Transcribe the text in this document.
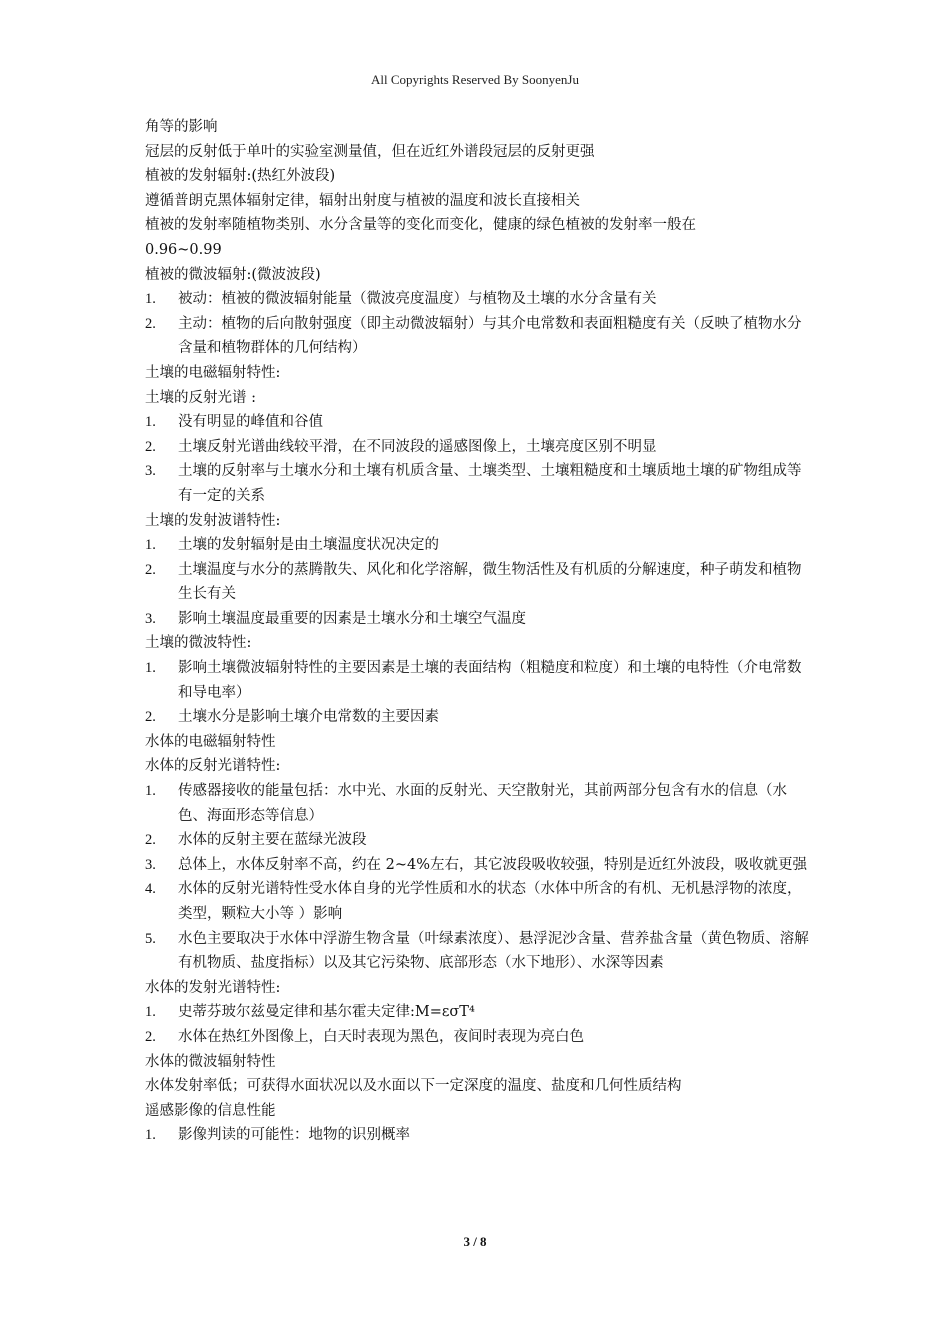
All Copyrights Reserved By SoonyenJu
角等的影响
冠层的反射低于单叶的实验室测量值，但在近红外谱段冠层的反射更强
植被的发射辐射:(热红外波段)
遵循普朗克黑体辐射定律，辐射出射度与植被的温度和波长直接相关
植被的发射率随植物类别、水分含量等的变化而变化，健康的绿色植被的发射率一般在
0.96~0.99
植被的微波辐射:(微波波段)
1. 被动：植被的微波辐射能量（微波亮度温度）与植物及土壤的水分含量有关
2. 主动：植物的后向散射强度（即主动微波辐射）与其介电常数和表面粗糙度有关（反映了植物水分含量和植物群体的几何结构）
土壤的电磁辐射特性:
土壤的反射光谱 :
1. 没有明显的峰值和谷值
2. 土壤反射光谱曲线较平滑，在不同波段的遥感图像上，土壤亮度区别不明显
3. 土壤的反射率与土壤水分和土壤有机质含量、土壤类型、土壤粗糙度和土壤质地土壤的矿物组成等有一定的关系
土壤的发射波谱特性:
1. 土壤的发射辐射是由土壤温度状况决定的
2. 土壤温度与水分的蒸腾散失、风化和化学溶解，微生物活性及有机质的分解速度，种子萌发和植物生长有关
3. 影响土壤温度最重要的因素是土壤水分和土壤空气温度
土壤的微波特性:
1. 影响土壤微波辐射特性的主要因素是土壤的表面结构（粗糙度和粒度）和土壤的电特性（介电常数和导电率）
2. 土壤水分是影响土壤介电常数的主要因素
水体的电磁辐射特性
水体的反射光谱特性:
1. 传感器接收的能量包括：水中光、水面的反射光、天空散射光，其前两部分包含有水的信息（水色、海面形态等信息）
2. 水体的反射主要在蓝绿光波段
3. 总体上，水体反射率不高，约在 2~4%左右，其它波段吸收较强，特别是近红外波段，吸收就更强
4. 水体的反射光谱特性受水体自身的光学性质和水的状态（水体中所含的有机、无机悬浮物的浓度，类型，颗粒大小等 ）影响
5. 水色主要取决于水体中浮游生物含量（叶绿素浓度）、悬浮泥沙含量、营养盐含量（黄色物质、溶解有机物质、盐度指标）以及其它污染物、底部形态（水下地形）、水深等因素
水体的发射光谱特性:
1. 史蒂芬玻尔兹曼定律和基尔霍夫定律:M=εσT⁴
2. 水体在热红外图像上，白天时表现为黑色，夜间时表现为亮白色
水体的微波辐射特性
水体发射率低；可获得水面状况以及水面以下一定深度的温度、盐度和几何性质结构
遥感影像的信息性能
1. 影像判读的可能性：地物的识别概率
3 / 8
